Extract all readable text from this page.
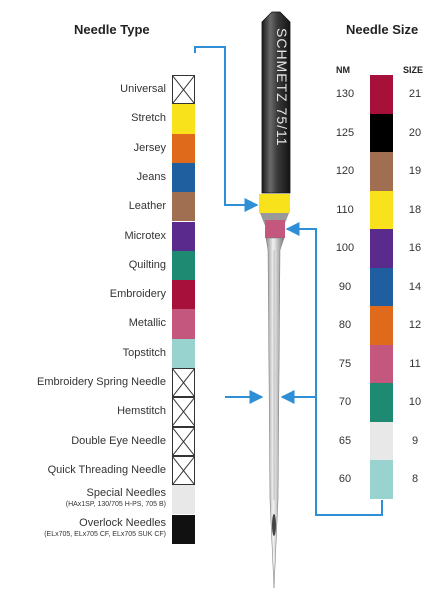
Needle Type	Needle Size
NM	SIZE
Universal
Stretch
Jersey
Jeans
Leather
Microtex
Quilting
Embroidery
Metallic
Topstitch
Embroidery Spring Needle
Hemstitch
Double Eye Needle
Quick Threading Needle
(HAx1SP, 130/705 H-PS, 705 B)
Special Needles
(ELx705, ELx705 CF, ELx705 SUK CF)
Overlock Needles
130	21
125	20
120	19
110	18
100	16
90	14
80	12
75	11
70	10
65	9
60	8
SCHMETZ 75/11
